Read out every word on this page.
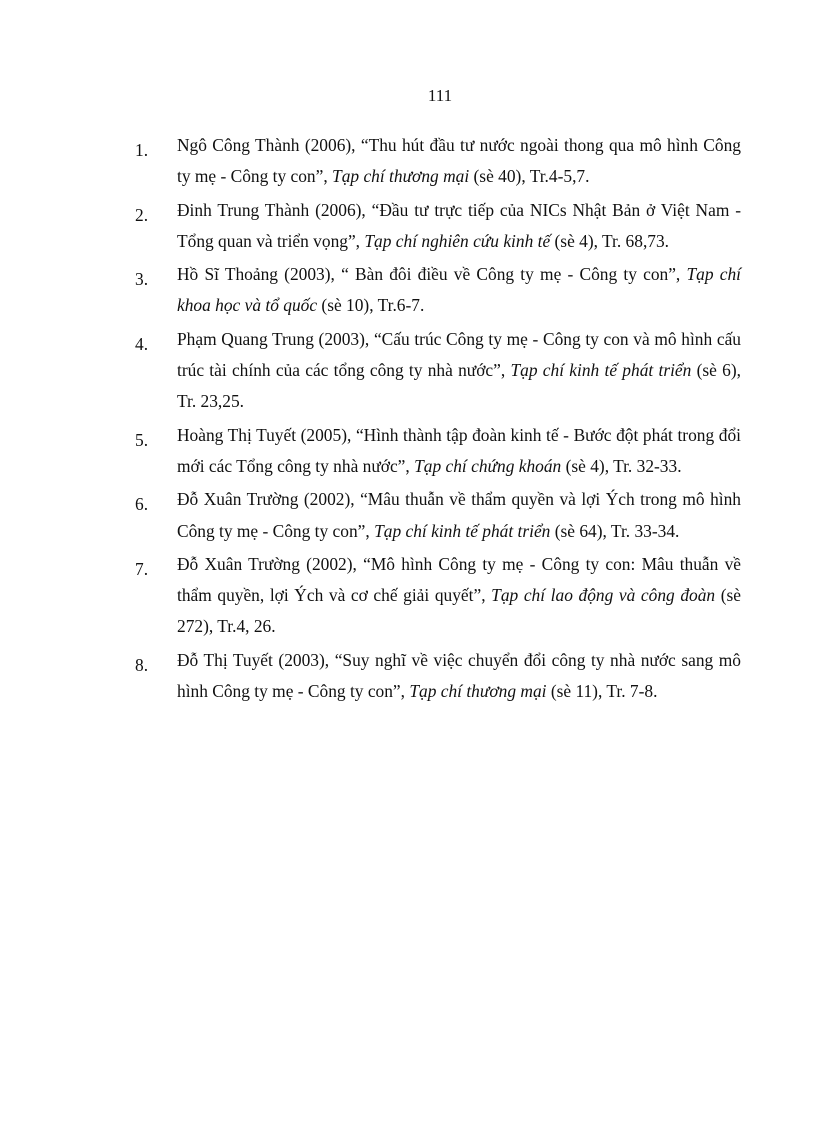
111
1. Ngô Công Thành (2006), “Thu hút đầu tư nước ngoài thong qua mô hình Công ty mẹ - Công ty con”, Tạp chí thương mại (sè 40), Tr.4-5,7.
2. Đinh Trung Thành (2006), “Đầu tư trực tiếp của NICs Nhật Bản ở Việt Nam - Tổng quan và triển vọng”, Tạp chí nghiên cứu kinh tế (sè 4), Tr. 68,73.
3. Hồ Sĩ Thoảng (2003), “ Bàn đôi điều về Công ty mẹ - Công ty con”, Tạp chí khoa học và tổ quốc (sè 10), Tr.6-7.
4. Phạm Quang Trung (2003), “Cấu trúc Công ty mẹ - Công ty con và mô hình cấu trúc tài chính của các tổng công ty nhà nước”, Tạp chí kinh tế phát triển (sè 6), Tr. 23,25.
5. Hoàng Thị Tuyết (2005), “Hình thành tập đoàn kinh tế - Bước đột phát trong đổi mới các Tổng công ty nhà nước”, Tạp chí chứng khoán (sè 4), Tr. 32-33.
6. Đỗ Xuân Trường (2002), “Mâu thuẫn về thẩm quyền và lợi Ých trong mô hình Công ty mẹ - Công ty con”, Tạp chí kinh tế phát triển (sè 64), Tr. 33-34.
7. Đỗ Xuân Trường (2002), “Mô hình Công ty mẹ - Công ty con: Mâu thuẫn về thẩm quyền, lợi Ých và cơ chế giải quyết”, Tạp chí lao động và công đoàn (sè 272), Tr.4, 26.
8. Đỗ Thị Tuyết (2003), “Suy nghĩ về việc chuyển đổi công ty nhà nước sang mô hình Công ty mẹ - Công ty con”, Tạp chí thương mại (sè 11), Tr. 7-8.
